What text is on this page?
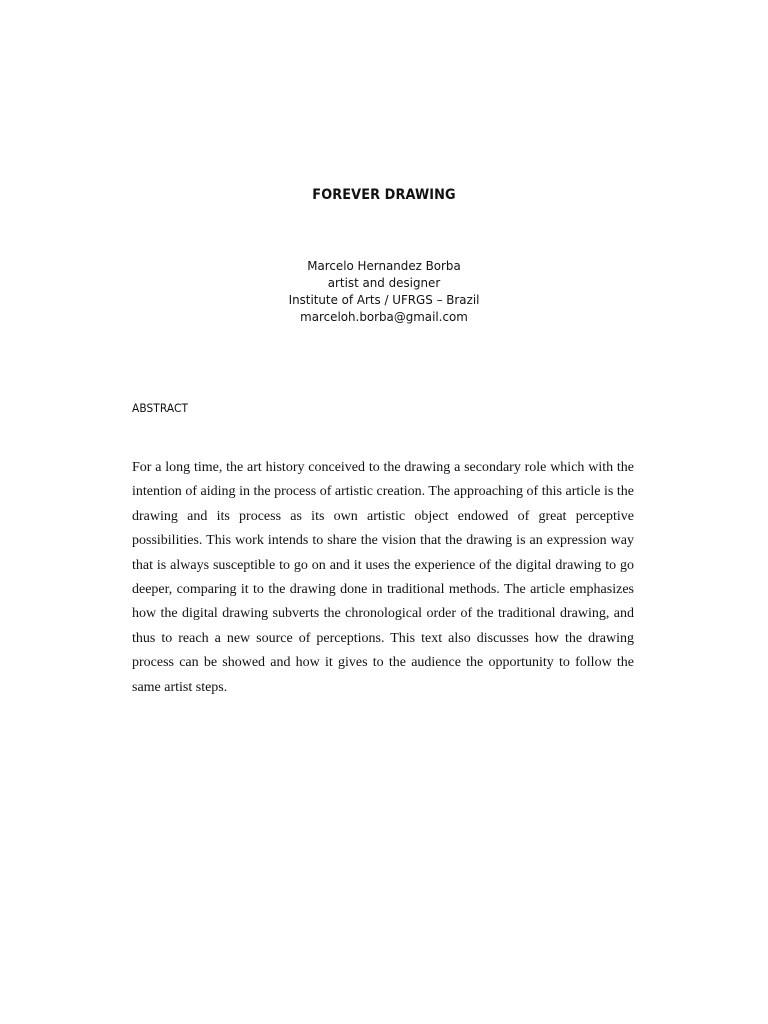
FOREVER DRAWING
Marcelo Hernandez Borba
artist and designer
Institute of Arts / UFRGS – Brazil
marceloh.borba@gmail.com
ABSTRACT
For a long time, the art history conceived to the drawing a secondary role which with the intention of aiding in the process of artistic creation. The approaching of this article is the drawing and its process as its own artistic object endowed of great perceptive possibilities. This work intends to share the vision that the drawing is an expression way that is always susceptible to go on and it uses the experience of the digital drawing to go deeper, comparing it to the drawing done in traditional methods. The article emphasizes how the digital drawing subverts the chronological order of the traditional drawing, and thus to reach a new source of perceptions. This text also discusses how the drawing process can be showed and how it gives to the audience the opportunity to follow the same artist steps.
